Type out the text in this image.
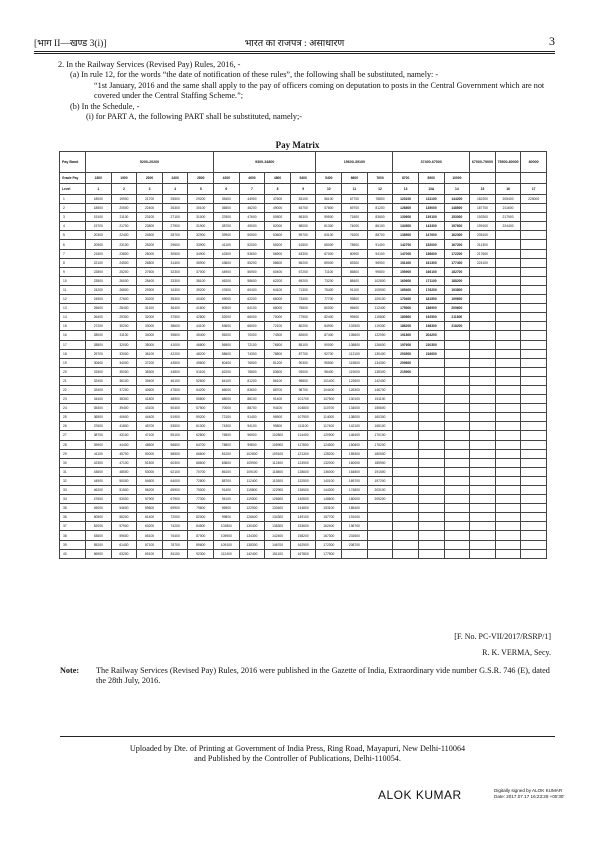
[भाग II—खण्ड 3(i)]	भारत का राजपत्र : असाधारण	3

2. In the Railway Services (Revised Pay) Rules, 2016, -

(a) In rule 12, for the words “the date of notification of these rules”, the following shall be substituted, namely: -

“1st January, 2016 and the same shall apply to the pay of officers coming on deputation to posts in the Central Government which are not covered under the Central Staffing Scheme.”;

(b) In the Schedule, -

(i) for PART A, the following PART shall be substituted, namely;-

Pay Matrix
Pay Band	5200-20200					9300-34800				15600-39100			37400-67000			67000-79000	75500-80000	80000
Grade Pay	1800	1900	2000	2400	2800	4200	4600	4800	5400	5400	6600	7600	8700	8900	10000			
Level	1	2	3	4	5	6	7	8	9	10	11	12	13	13A	14	15	16	17
1	18000	19900	21700	25500	29200	35400	44900	47600	53100	56100	67700	78800	123100	131100	144200	182200	205400	225000
2	18500	20500	22400	26300	30100	36500	46200	49000	54700	57800	69700	81200	126800	135000	148500	187700	211600	
3	19100	21100	23100	27100	31000	37600	47600	50500	56300	59500	71800	83600	130600	139100	153000	193300	217900	
4	19700	21700	23800	27900	31900	38700	49000	52000	58000	61300	74000	86100	134500	143300	157600	199100	224400	
5	20300	22400	24500	28700	32900	39900	50500	53600	59700	63100	76200	88700	138500	147600	162300	205100		
6	20900	23100	25200	29600	33900	41100	52000	55200	61500	65000	78500	91400	142700	152000	167200	211300		
7	21500	23800	26000	30500	34900	42300	53600	56900	63300	67000	80900	94100	147000	156600	172200	217600		
8	22100	24500	26800	31400	35900	43600	55200	58600	65200	69000	83300	96900	151400	161300	177400	224100		
9	22800	25200	27600	32300	37000	44900	56900	60400	67200	71100	85800	99800	155900	166100	182700			
10	23500	26000	28400	33300	38100	46200	58600	62200	69200	73200	88400	102800	160600	171100	188200			
11	24200	26800	29300	34300	39200	47600	60400	64100	71300	75400	91100	105900	165400	176200	193800			
12	24900	27600	30200	35300	40400	49000	62200	66000	73400	77700	93800	109100	170400	181500	199600			
13	25600	28400	31100	36400	41600	50500	64100	68000	75600	80000	96600	112400	175500	186900	205600			
14	26400	29300	32000	37500	42800	52000	66000	70000	77900	82400	99500	115800	180800	192500	211800			
15	27200	30200	33000	38600	44100	53600	68000	72100	80200	84900	102500	119300	186200	198300	218200			
16	28000	31100	34000	39800	45400	55200	70000	74300	82600	87400	105600	122900	191800	204200				
17	28800	32000	35000	41000	46800	56900	72100	76500	85100	90000	108800	126600	197600	210300				
18	29700	33000	36100	42200	48200	58600	74300	78800	87700	92700	112100	130400	203500	216600				
19	30600	34000	37200	43500	49600	60400	76500	81200	90300	95500	115500	134300	209600					
20	31500	35000	38300	44800	51100	62200	78800	83600	93000	98400	119000	138300	215900					
21	32400	36100	39400	46100	52600	64100	81200	86100	95800	101400	122600	142400						
22	33400	37200	40600	47500	54200	66000	83600	88700	98700	104400	126300	146700						
23	34400	38300	41800	48900	55800	68000	86100	91400	101700	107500	130100	151100						
24	35400	39400	43100	50400	57500	70000	88700	94100	104800	110700	134000	155600						
25	36500	40600	44400	51900	59200	72100	91400	96900	107900	114000	138000	160300						
26	37600	41800	45700	53500	61000	74300	94100	99800	111100	117400	142100	165100						
27	38700	43100	47100	55100	62800	76500	96900	102800	114400	120900	146400	170100						
28	39900	44400	48500	56800	64700	78800	99800	105900	117800	124500	150800	175200						
29	41100	45700	50000	58500	66600	81200	102800	109100	121300	128200	155300	180500						
30	42300	47100	51500	60300	68600	83600	105900	112400	124900	132000	160000	185900						
31	43600	48500	53000	62100	70700	86100	109100	115800	128600	136000	164800	191500						
32	44900	50000	54600	64000	72800	88700	112400	119300	132500	140100	169700	197200						
33	46200	51500	56200	65900	75000	91400	115800	122900	136500	144300	174800	203100						
34	47600	53000	57900	67900	77300	94100	119300	126600	140600	148600	180000	209200						
35	49000	54600	59600	69900	79600	96900	122900	130400	144800	153100	185400							
36	50500	56200	61400	72000	82000	99800	126600	134300	149100	157700	191000							
37	52000	57900	63200	74200	84500	102800	130400	138300	153600	162400	196700							
38	53600	59600	65100	76400	87000	105900	134300	142400	158200	167300	202600							
39	55200	61400	67100	78700	89600	109100	138300	146700	162900	172300	208700							
40	56900	63200	69100	81100	92300	112400	142400	151100	167800	177500								
[F. No. PC-VII/2017/RSRP/1]
R. K. VERMA, Secy.
Note:	The Railway Services (Revised Pay) Rules, 2016 were published in the Gazette of India, Extraordinary vide number G.S.R. 746 (E), dated the 28th July, 2016.
Uploaded by Dte. of Printing at Government of India Press, Ring Road, Mayapuri, New Delhi-110064
and Published by the Controller of Publications, Delhi-110054.
ALOK KUMAR	Digitally signed by ALOK KUMAR
Date: 2017.07.17 16:23:28 +05'30'
